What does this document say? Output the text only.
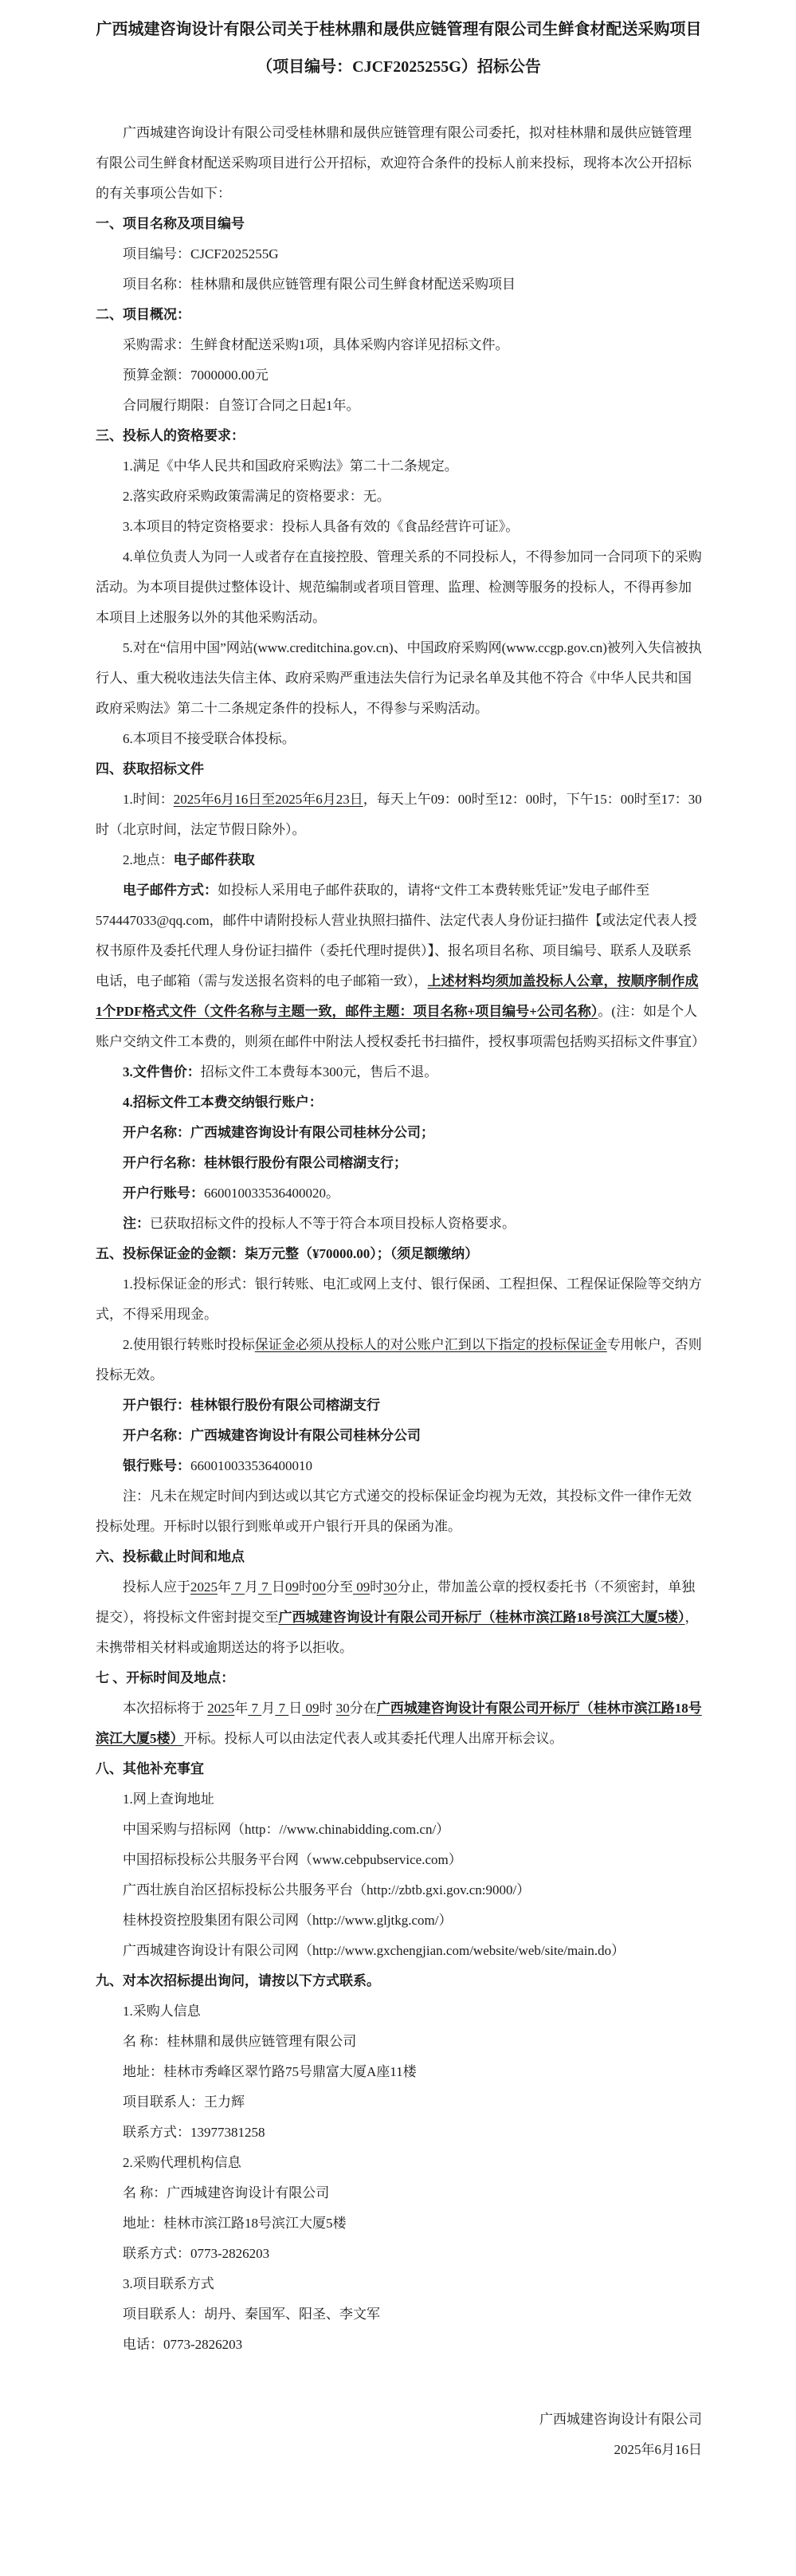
广西城建咨询设计有限公司关于桂林鼎和晟供应链管理有限公司生鲜食材配送采购项目（项目编号：CJCF2025255G）招标公告

广西城建咨询设计有限公司受桂林鼎和晟供应链管理有限公司委托，拟对桂林鼎和晟供应链管理有限公司生鲜食材配送采购项目进行公开招标，欢迎符合条件的投标人前来投标，现将本次公开招标的有关事项公告如下：

一、项目名称及项目编号

项目编号：CJCF2025255G

项目名称：桂林鼎和晟供应链管理有限公司生鲜食材配送采购项目

二、项目概况：

采购需求：生鲜食材配送采购1项，具体采购内容详见招标文件。

预算金额：7000000.00元

合同履行期限：自签订合同之日起1年。

三、投标人的资格要求：

1.满足《中华人民共和国政府采购法》第二十二条规定。

2.落实政府采购政策需满足的资格要求：无。

3.本项目的特定资格要求：投标人具备有效的《食品经营许可证》。

4.单位负责人为同一人或者存在直接控股、管理关系的不同投标人，不得参加同一合同项下的采购活动。为本项目提供过整体设计、规范编制或者项目管理、监理、检测等服务的投标人，不得再参加本项目上述服务以外的其他采购活动。

5.对在“信用中国”网站(www.creditchina.gov.cn)、中国政府采购网(www.ccgp.gov.cn)被列入失信被执行人、重大税收违法失信主体、政府采购严重违法失信行为记录名单及其他不符合《中华人民共和国政府采购法》第二十二条规定条件的投标人，不得参与采购活动。

6.本项目不接受联合体投标。

四、获取招标文件

1.时间：2025年6月16日至2025年6月23日，每天上午09：00时至12：00时，下午15：00时至17：30时（北京时间，法定节假日除外）。

2.地点：电子邮件获取

电子邮件方式：如投标人采用电子邮件获取的，请将“文件工本费转账凭证”发电子邮件至574447033@qq.com，邮件中请附投标人营业执照扫描件、法定代表人身份证扫描件【或法定代表人授权书原件及委托代理人身份证扫描件（委托代理时提供）】、报名项目名称、项目编号、联系人及联系电话，电子邮箱（需与发送报名资料的电子邮箱一致），上述材料均须加盖投标人公章，按顺序制作成1个PDF格式文件（文件名称与主题一致，邮件主题：项目名称+项目编号+公司名称）。(注：如是个人账户交纳文件工本费的，则须在邮件中附法人授权委托书扫描件，授权事项需包括购买招标文件事宜）

3.文件售价：招标文件工本费每本300元，售后不退。

4.招标文件工本费交纳银行账户：

开户名称：广西城建咨询设计有限公司桂林分公司；

开户行名称：桂林银行股份有限公司榕湖支行；

开户行账号：660010033536400020。

注：已获取招标文件的投标人不等于符合本项目投标人资格要求。

五、投标保证金的金额：柒万元整（¥70000.00）；（须足额缴纳）

1.投标保证金的形式：银行转账、电汇或网上支付、银行保函、工程担保、工程保证保险等交纳方式，不得采用现金。

2.使用银行转账时投标保证金必须从投标人的对公账户汇到以下指定的投标保证金专用帐户，否则投标无效。

开户银行：桂林银行股份有限公司榕湖支行

开户名称：广西城建咨询设计有限公司桂林分公司

银行账号：660010033536400010

注：凡未在规定时间内到达或以其它方式递交的投标保证金均视为无效，其投标文件一律作无效投标处理。开标时以银行到账单或开户银行开具的保函为准。

六、投标截止时间和地点

投标人应于2025年 7 月 7 日09时00分至 09时30分止，带加盖公章的授权委托书（不须密封，单独提交），将投标文件密封提交至广西城建咨询设计有限公司开标厅（桂林市滨江路18号滨江大厦5楼），未携带相关材料或逾期送达的将予以拒收。

七 、开标时间及地点：

本次招标将于 2025年 7 月 7 日 09时 30分在广西城建咨询设计有限公司开标厅（桂林市滨江路18号滨江大厦5楼）开标。投标人可以由法定代表人或其委托代理人出席开标会议。

八、其他补充事宜

1.网上查询地址

中国采购与招标网（http：//www.chinabidding.com.cn/）

中国招标投标公共服务平台网（www.cebpubservice.com）

广西壮族自治区招标投标公共服务平台（http://zbtb.gxi.gov.cn:9000/）

桂林投资控股集团有限公司网（http://www.gljtkg.com/）

广西城建咨询设计有限公司网（http://www.gxchengjian.com/website/web/site/main.do）

九、对本次招标提出询问，请按以下方式联系。

1.采购人信息

名 称：桂林鼎和晟供应链管理有限公司

地址：桂林市秀峰区翠竹路75号鼎富大厦A座11楼

项目联系人：王力辉

联系方式：13977381258

2.采购代理机构信息

名 称：广西城建咨询设计有限公司

地址：桂林市滨江路18号滨江大厦5楼

联系方式：0773-2826203

3.项目联系方式

项目联系人：胡丹、秦国军、阳圣、李文军

电话：0773-2826203

广西城建咨询设计有限公司

2025年6月16日
